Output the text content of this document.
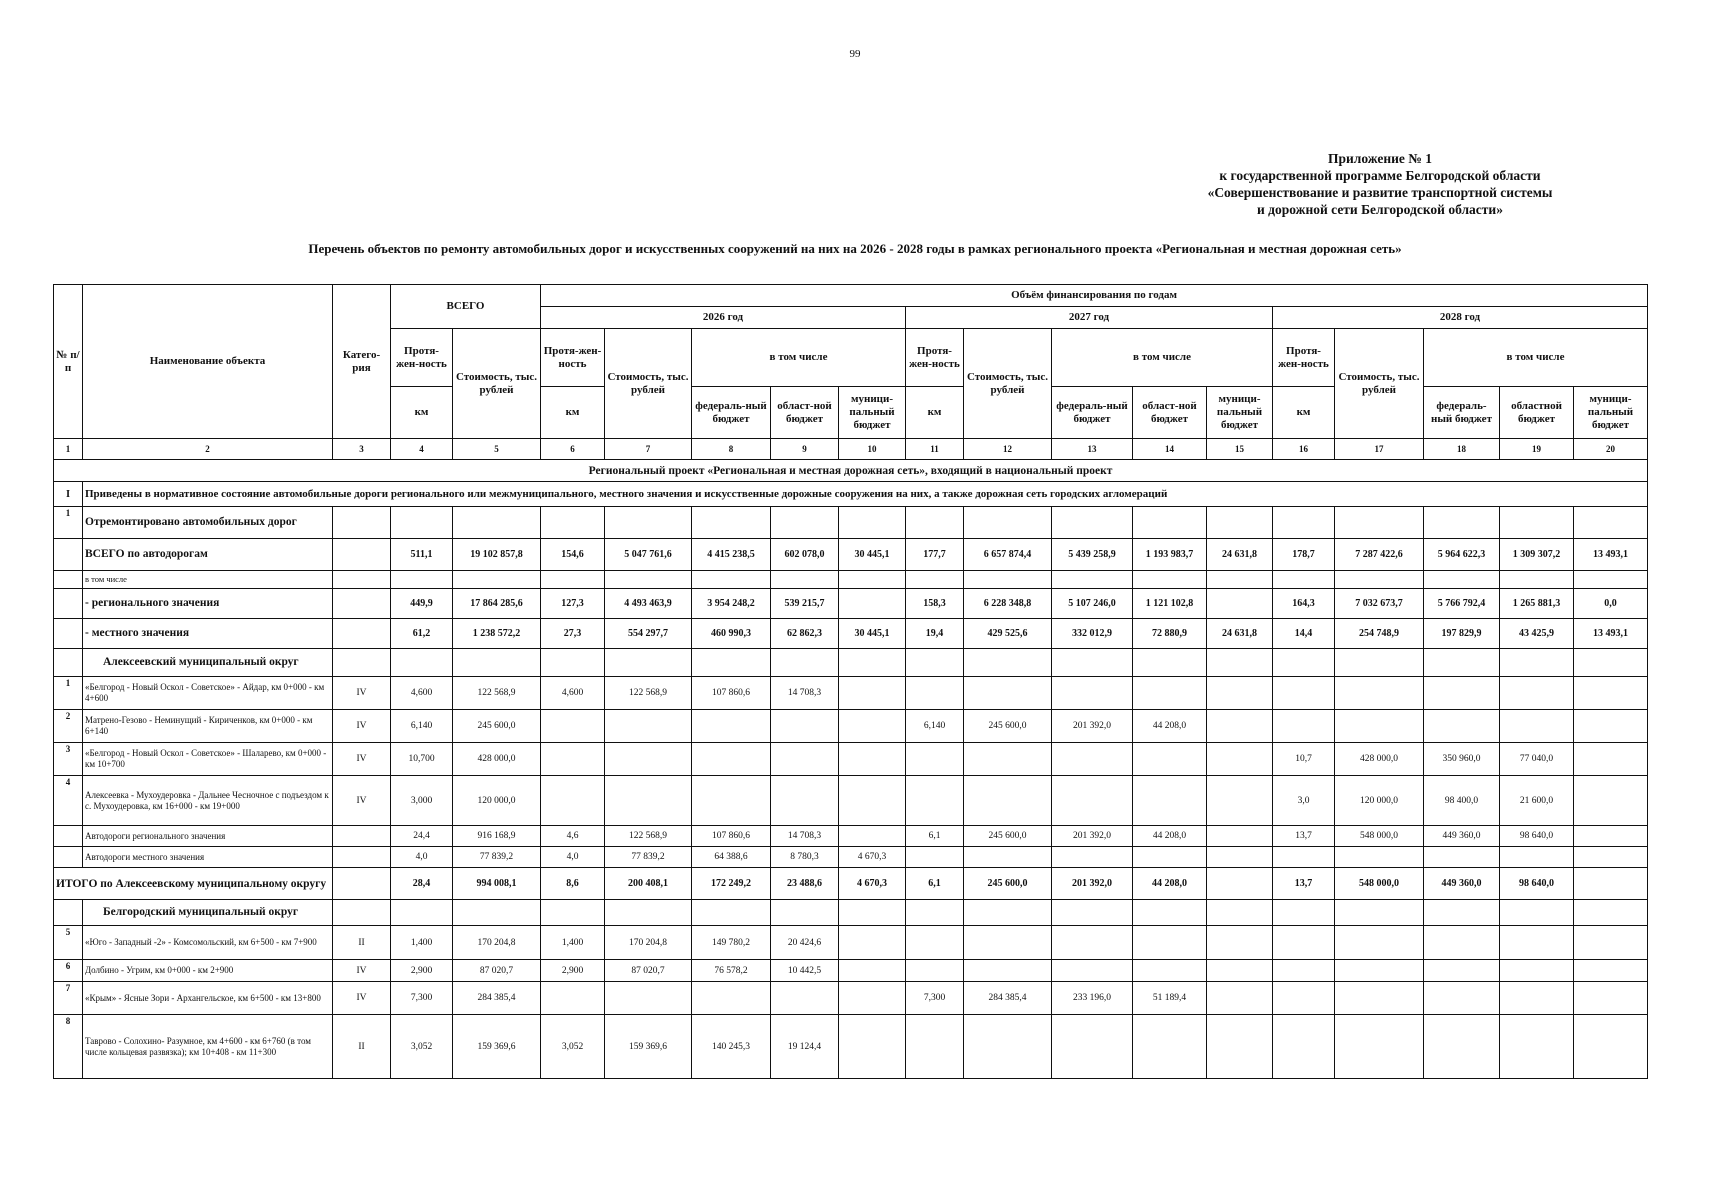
99
Приложение № 1
к государственной программе Белгородской области
«Совершенствование и развитие транспортной системы
и дорожной сети Белгородской области»
Перечень объектов по ремонту автомобильных дорог и искусственных сооружений на них на 2026 - 2028 годы в рамках регионального проекта «Региональная и местная дорожная сеть»
№ п/п	Наименование объекта	Катего-рия	ВСЕГО		Объём финансирования по годам														
					2026 год					2027 год					2028 год				
			Протя-жен-ность	Стоимость, тыс. рублей	Протя-жен-ность	Стоимость, тыс. рублей	в том числе			Протя-жен-ность	Стоимость, тыс. рублей	в том числе			Протя-жен-ность	Стоимость, тыс. рублей	в том числе		
			км		км		федераль-ный бюджет	област-ной бюджет	муници-пальный бюджет	км		федераль-ный бюджет	област-ной бюджет	муници-пальный бюджет	км		федераль-ный бюджет	областной бюджет	муници-пальный бюджет
1	2	3	4	5	6	7	8	9	10	11	12	13	14	15	16	17	18	19	20
Региональный проект «Региональная и местная дорожная сеть», входящий в национальный проект																			
I	Приведены в нормативное состояние автомобильные дороги регионального или межмуниципального, местного значения и искусственные дорожные сооружения на них, а также дорожная сеть городских агломераций																		
1	Отремонтировано автомобильных дорог																		
	ВСЕГО по автодорогам		511,1	19 102 857,8	154,6	5 047 761,6	4 415 238,5	602 078,0	30 445,1	177,7	6 657 874,4	5 439 258,9	1 193 983,7	24 631,8	178,7	7 287 422,6	5 964 622,3	1 309 307,2	13 493,1
	в том числе																		
	- регионального значения		449,9	17 864 285,6	127,3	4 493 463,9	3 954 248,2	539 215,7		158,3	6 228 348,8	5 107 246,0	1 121 102,8		164,3	7 032 673,7	5 766 792,4	1 265 881,3	0,0
	- местного значения		61,2	1 238 572,2	27,3	554 297,7	460 990,3	62 862,3	30 445,1	19,4	429 525,6	332 012,9	72 880,9	24 631,8	14,4	254 748,9	197 829,9	43 425,9	13 493,1
	Алексеевский муниципальный округ																		
1	«Белгород - Новый Оскол - Советское» - Айдар, км 0+000 - км 4+600	IV	4,600	122 568,9	4,600	122 568,9	107 860,6	14 708,3											
2	Матрено-Гезово - Неминущий - Кириченков, км 0+000 - км 6+140	IV	6,140	245 600,0						6,140	245 600,0	201 392,0	44 208,0						
3	«Белгород - Новый Оскол - Советское» - Шаларево, км 0+000 - км 10+700	IV	10,700	428 000,0											10,7	428 000,0	350 960,0	77 040,0	
4	Алексеевка - Мухоудеровка - Дальнее Чесночное с подъездом к с. Мухоудеровка, км 16+000 - км 19+000	IV	3,000	120 000,0											3,0	120 000,0	98 400,0	21 600,0	
	Автодороги регионального значения		24,4	916 168,9	4,6	122 568,9	107 860,6	14 708,3		6,1	245 600,0	201 392,0	44 208,0		13,7	548 000,0	449 360,0	98 640,0	
	Автодороги местного значения		4,0	77 839,2	4,0	77 839,2	64 388,6	8 780,3	4 670,3										
ИТОГО по Алексеевскому муниципальному округу			28,4	994 008,1	8,6	200 408,1	172 249,2	23 488,6	4 670,3	6,1	245 600,0	201 392,0	44 208,0		13,7	548 000,0	449 360,0	98 640,0	
	Белгородский муниципальный округ																		
5	«Юго - Западный -2» - Комсомольский, км 6+500 - км 7+900	II	1,400	170 204,8	1,400	170 204,8	149 780,2	20 424,6											
6	Долбино - Угрим, км 0+000 - км 2+900	IV	2,900	87 020,7	2,900	87 020,7	76 578,2	10 442,5											
7	«Крым» - Ясные Зори - Архангельское, км 6+500 - км 13+800	IV	7,300	284 385,4						7,300	284 385,4	233 196,0	51 189,4						
8	Таврово - Солохино- Разумное, км 4+600 - км 6+760 (в том числе кольцевая развязка); км 10+408 - км 11+300	II	3,052	159 369,6	3,052	159 369,6	140 245,3	19 124,4											
